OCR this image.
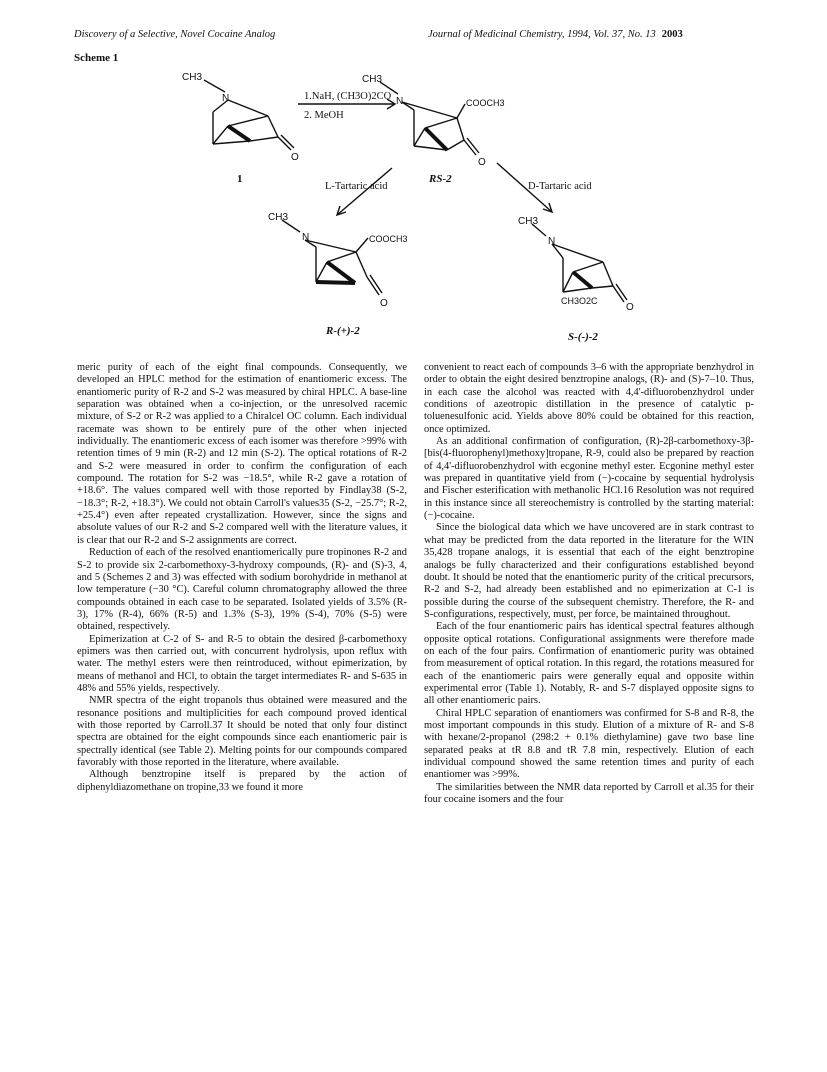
Discovery of a Selective, Novel Cocaine Analog	Journal of Medicinal Chemistry, 1994, Vol. 37, No. 13 2003
Scheme 1
CH3
N
O
1
1.NaH, (CH3O)2CO
2. MeOH
CH3
N	COOCH3
O
RS-2
L-Tartaric acid	D-Tartaric acid
CH3
N	COOCH3
O
R-(+)-2
CH3
N
CH3O2C
O
S-(-)-2

meric purity of each of the eight final compounds. Consequently, we developed an HPLC method for the estimation of enantiomeric excess. The enantiomeric purity of R-2 and S-2 was measured by chiral HPLC. A base-line separation was obtained when a co-injection, or the unresolved racemic mixture, of S-2 or R-2 was applied to a Chiralcel OC column. Each individual racemate was shown to be entirely pure of the other when injected individually. The enantiomeric excess of each isomer was therefore >99% with retention times of 9 min (R-2) and 12 min (S-2). The optical rotations of R-2 and S-2 were measured in order to confirm the configuration of each compound. The rotation for S-2 was −18.5°, while R-2 gave a rotation of +18.6°. The values compared well with those reported by Findlay38 (S-2, −18.3°; R-2, +18.3°). We could not obtain Carroll's values35 (S-2, −25.7°; R-2, +25.4°) even after repeated crystallization. However, since the signs and absolute values of our R-2 and S-2 compared well with the literature values, it is clear that our R-2 and S-2 assignments are correct.

Reduction of each of the resolved enantiomerically pure tropinones R-2 and S-2 to provide six 2-carbomethoxy-3-hydroxy compounds, (R)- and (S)-3, 4, and 5 (Schemes 2 and 3) was effected with sodium borohydride in methanol at low temperature (−30 °C). Careful column chromatography allowed the three compounds obtained in each case to be separated. Isolated yields of 3.5% (R-3), 17% (R-4), 66% (R-5) and 1.3% (S-3), 19% (S-4), 70% (S-5) were obtained, respectively.

Epimerization at C-2 of S- and R-5 to obtain the desired β-carbomethoxy epimers was then carried out, with concurrent hydrolysis, upon reflux with water. The methyl esters were then reintroduced, without epimerization, by means of methanol and HCl, to obtain the target intermediates R- and S-635 in 48% and 55% yields, respectively.

NMR spectra of the eight tropanols thus obtained were measured and the resonance positions and multiplicities for each compound proved identical with those reported by Carroll.37 It should be noted that only four distinct spectra are obtained for the eight compounds since each enantiomeric pair is spectrally identical (see Table 2). Melting points for our compounds compared favorably with those reported in the literature, where available.

Although benztropine itself is prepared by the action of diphenyldiazomethane on tropine,33 we found it more

convenient to react each of compounds 3–6 with the appropriate benzhydrol in order to obtain the eight desired benztropine analogs, (R)- and (S)-7–10. Thus, in each case the alcohol was reacted with 4,4'-difluorobenzhydrol under conditions of azeotropic distillation in the presence of catalytic p-toluenesulfonic acid. Yields above 80% could be obtained for this reaction, once optimized.

As an additional confirmation of configuration, (R)-2β-carbomethoxy-3β-[bis(4-fluorophenyl)methoxy]tropane, R-9, could also be prepared by reaction of 4,4'-difluorobenzhydrol with ecgonine methyl ester. Ecgonine methyl ester was prepared in quantitative yield from (−)-cocaine by sequential hydrolysis and Fischer esterification with methanolic HCl.16 Resolution was not required in this instance since all stereochemistry is controlled by the starting material: (−)-cocaine.

Since the biological data which we have uncovered are in stark contrast to what may be predicted from the data reported in the literature for the WIN 35,428 tropane analogs, it is essential that each of the eight benztropine analogs be fully characterized and their configurations established beyond doubt. It should be noted that the enantiomeric purity of the critical precursors, R-2 and S-2, had already been established and no epimerization at C-1 is possible during the course of the subsequent chemistry. Therefore, the R- and S-configurations, respectively, must, per force, be maintained throughout.

Each of the four enantiomeric pairs has identical spectral features although opposite optical rotations. Configurational assignments were therefore made on each of the four pairs. Confirmation of enantiomeric purity was obtained from measurement of optical rotation. In this regard, the rotations measured for each of the enantiomeric pairs were generally equal and opposite within experimental error (Table 1). Notably, R- and S-7 displayed opposite signs to all other enantiomeric pairs.

Chiral HPLC separation of enantiomers was confirmed for S-8 and R-8, the most important compounds in this study. Elution of a mixture of R- and S-8 with hexane/2-propanol (298:2 + 0.1% diethylamine) gave two base line separated peaks at tR 8.8 and tR 7.8 min, respectively. Elution of each individual compound showed the same retention times and purity of each enantiomer was >99%.

The similarities between the NMR data reported by Carroll et al.35 for their four cocaine isomers and the four
